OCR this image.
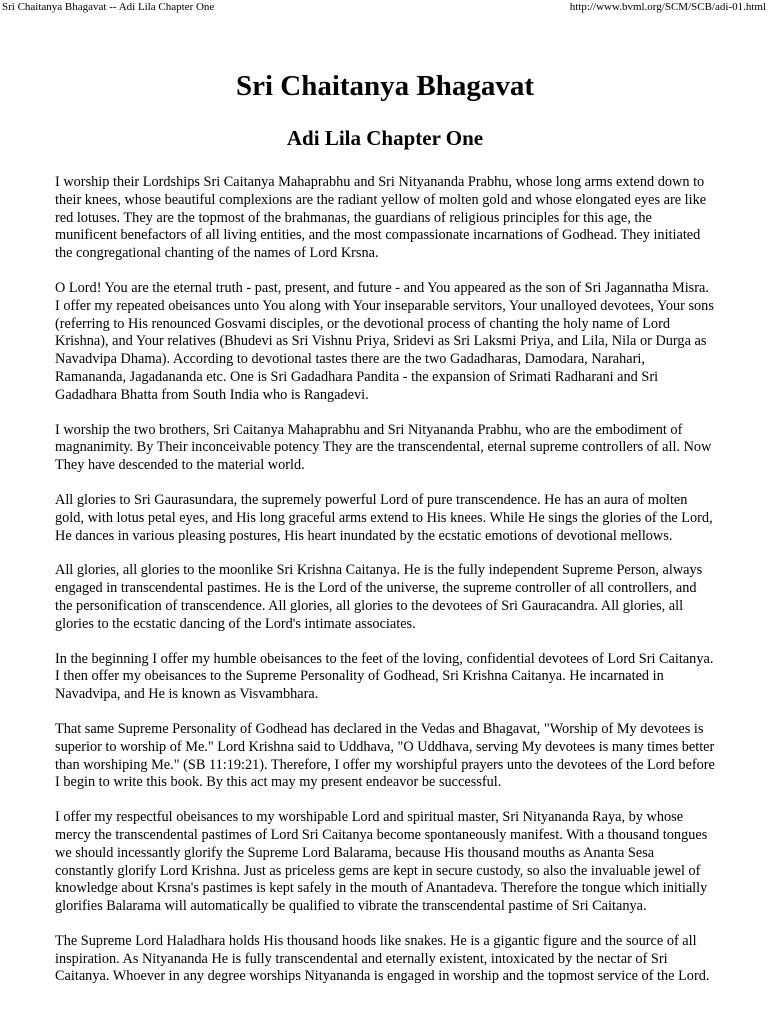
Sri Chaitanya Bhagavat -- Adi Lila Chapter One	http://www.bvml.org/SCM/SCB/adi-01.html
Sri Chaitanya Bhagavat
Adi Lila Chapter One

I worship their Lordships Sri Caitanya Mahaprabhu and Sri Nityananda Prabhu, whose long arms extend down to their knees, whose beautiful complexions are the radiant yellow of molten gold and whose elongated eyes are like red lotuses. They are the topmost of the brahmanas, the guardians of religious principles for this age, the munificent benefactors of all living entities, and the most compassionate incarnations of Godhead. They initiated the congregational chanting of the names of Lord Krsna.

O Lord! You are the eternal truth - past, present, and future - and You appeared as the son of Sri Jagannatha Misra. I offer my repeated obeisances unto You along with Your inseparable servitors, Your unalloyed devotees, Your sons (referring to His renounced Gosvami disciples, or the devotional process of chanting the holy name of Lord Krishna), and Your relatives (Bhudevi as Sri Vishnu Priya, Sridevi as Sri Laksmi Priya, and Lila, Nila or Durga as Navadvipa Dhama). According to devotional tastes there are the two Gadadharas, Damodara, Narahari, Ramananda, Jagadananda etc. One is Sri Gadadhara Pandita - the expansion of Srimati Radharani and Sri Gadadhara Bhatta from South India who is Rangadevi.

I worship the two brothers, Sri Caitanya Mahaprabhu and Sri Nityananda Prabhu, who are the embodiment of magnanimity. By Their inconceivable potency They are the transcendental, eternal supreme controllers of all. Now They have descended to the material world.

All glories to Sri Gaurasundara, the supremely powerful Lord of pure transcendence. He has an aura of molten gold, with lotus petal eyes, and His long graceful arms extend to His knees. While He sings the glories of the Lord, He dances in various pleasing postures, His heart inundated by the ecstatic emotions of devotional mellows.

All glories, all glories to the moonlike Sri Krishna Caitanya. He is the fully independent Supreme Person, always engaged in transcendental pastimes. He is the Lord of the universe, the supreme controller of all controllers, and the personification of transcendence. All glories, all glories to the devotees of Sri Gauracandra. All glories, all glories to the ecstatic dancing of the Lord's intimate associates.

In the beginning I offer my humble obeisances to the feet of the loving, confidential devotees of Lord Sri Caitanya. I then offer my obeisances to the Supreme Personality of Godhead, Sri Krishna Caitanya. He incarnated in Navadvipa, and He is known as Visvambhara.

That same Supreme Personality of Godhead has declared in the Vedas and Bhagavat, "Worship of My devotees is superior to worship of Me." Lord Krishna said to Uddhava, "O Uddhava, serving My devotees is many times better than worshiping Me." (SB 11:19:21). Therefore, I offer my worshipful prayers unto the devotees of the Lord before I begin to write this book. By this act may my present endeavor be successful.

I offer my respectful obeisances to my worshipable Lord and spiritual master, Sri Nityananda Raya, by whose mercy the transcendental pastimes of Lord Sri Caitanya become spontaneously manifest. With a thousand tongues we should incessantly glorify the Supreme Lord Balarama, because His thousand mouths as Ananta Sesa constantly glorify Lord Krishna. Just as priceless gems are kept in secure custody, so also the invaluable jewel of knowledge about Krsna's pastimes is kept safely in the mouth of Anantadeva. Therefore the tongue which initially glorifies Balarama will automatically be qualified to vibrate the transcendental pastime of Sri Caitanya.

The Supreme Lord Haladhara holds His thousand hoods like snakes. He is a gigantic figure and the source of all inspiration. As Nityananda He is fully transcendental and eternally existent, intoxicated by the nectar of Sri Caitanya. Whoever in any degree worships Nityananda is engaged in worship and the topmost service of the Lord.
